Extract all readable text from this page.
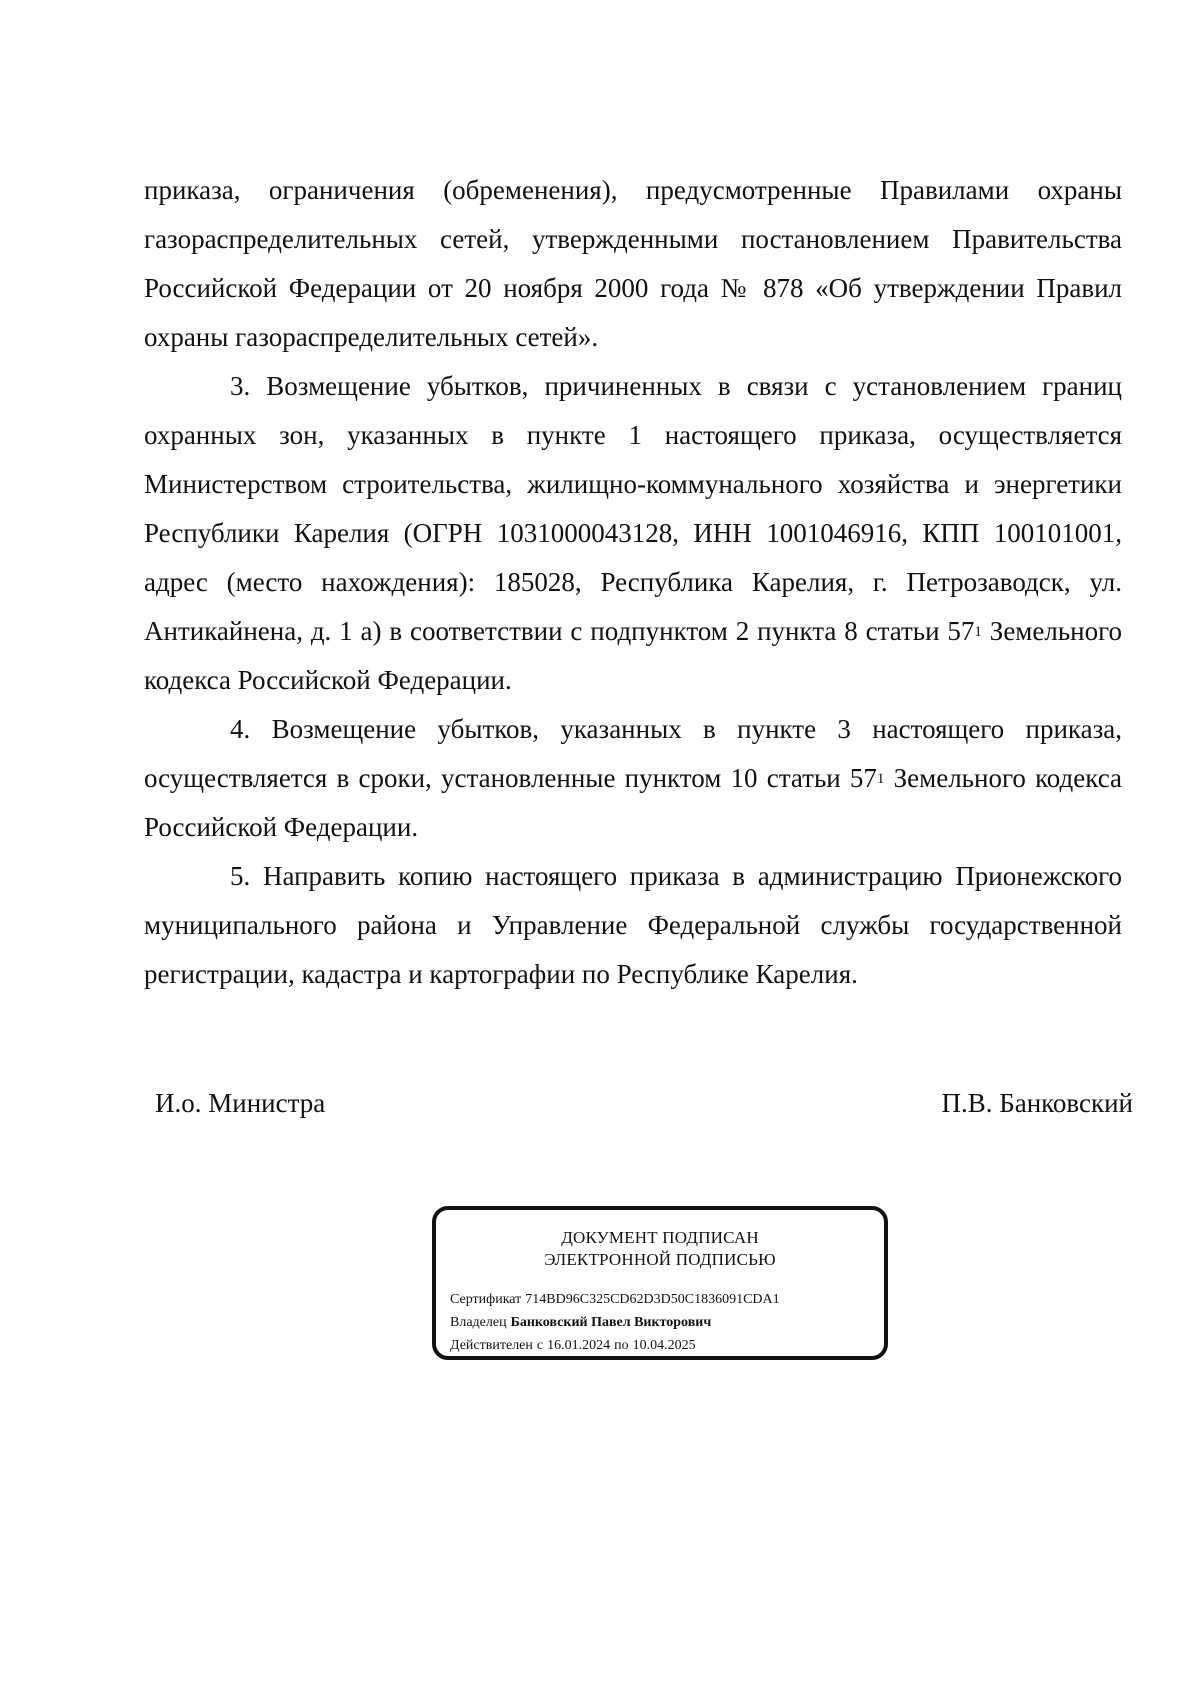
приказа, ограничения (обременения), предусмотренные Правилами охраны газораспределительных сетей, утвержденными постановлением Правительства Российской Федерации от 20 ноября 2000 года № 878 «Об утверждении Правил охраны газораспределительных сетей».

3. Возмещение убытков, причиненных в связи с установлением границ охранных зон, указанных в пункте 1 настоящего приказа, осуществляется Министерством строительства, жилищно-коммунального хозяйства и энергетики Республики Карелия (ОГРН 1031000043128, ИНН 1001046916, КПП 100101001, адрес (место нахождения): 185028, Республика Карелия, г. Петрозаводск, ул. Антикайнена, д. 1 а) в соответствии с подпунктом 2 пункта 8 статьи $57^1$ Земельного кодекса Российской Федерации.

4. Возмещение убытков, указанных в пункте 3 настоящего приказа, осуществляется в сроки, установленные пунктом 10 статьи $57^1$ Земельного кодекса Российской Федерации.

5. Направить копию настоящего приказа в администрацию Прионежского муниципального района и Управление Федеральной службы государственной регистрации, кадастра и картографии по Республике Карелия.

И.о. Министра	П.В. Банковский
ДОКУМЕНТ ПОДПИСАН
ЭЛЕКТРОННОЙ ПОДПИСЬЮ
Сертификат 714BD96C325CD62D3D50C1836091CDA1
Владелец Банковский Павел Викторович
Действителен с 16.01.2024 по 10.04.2025
